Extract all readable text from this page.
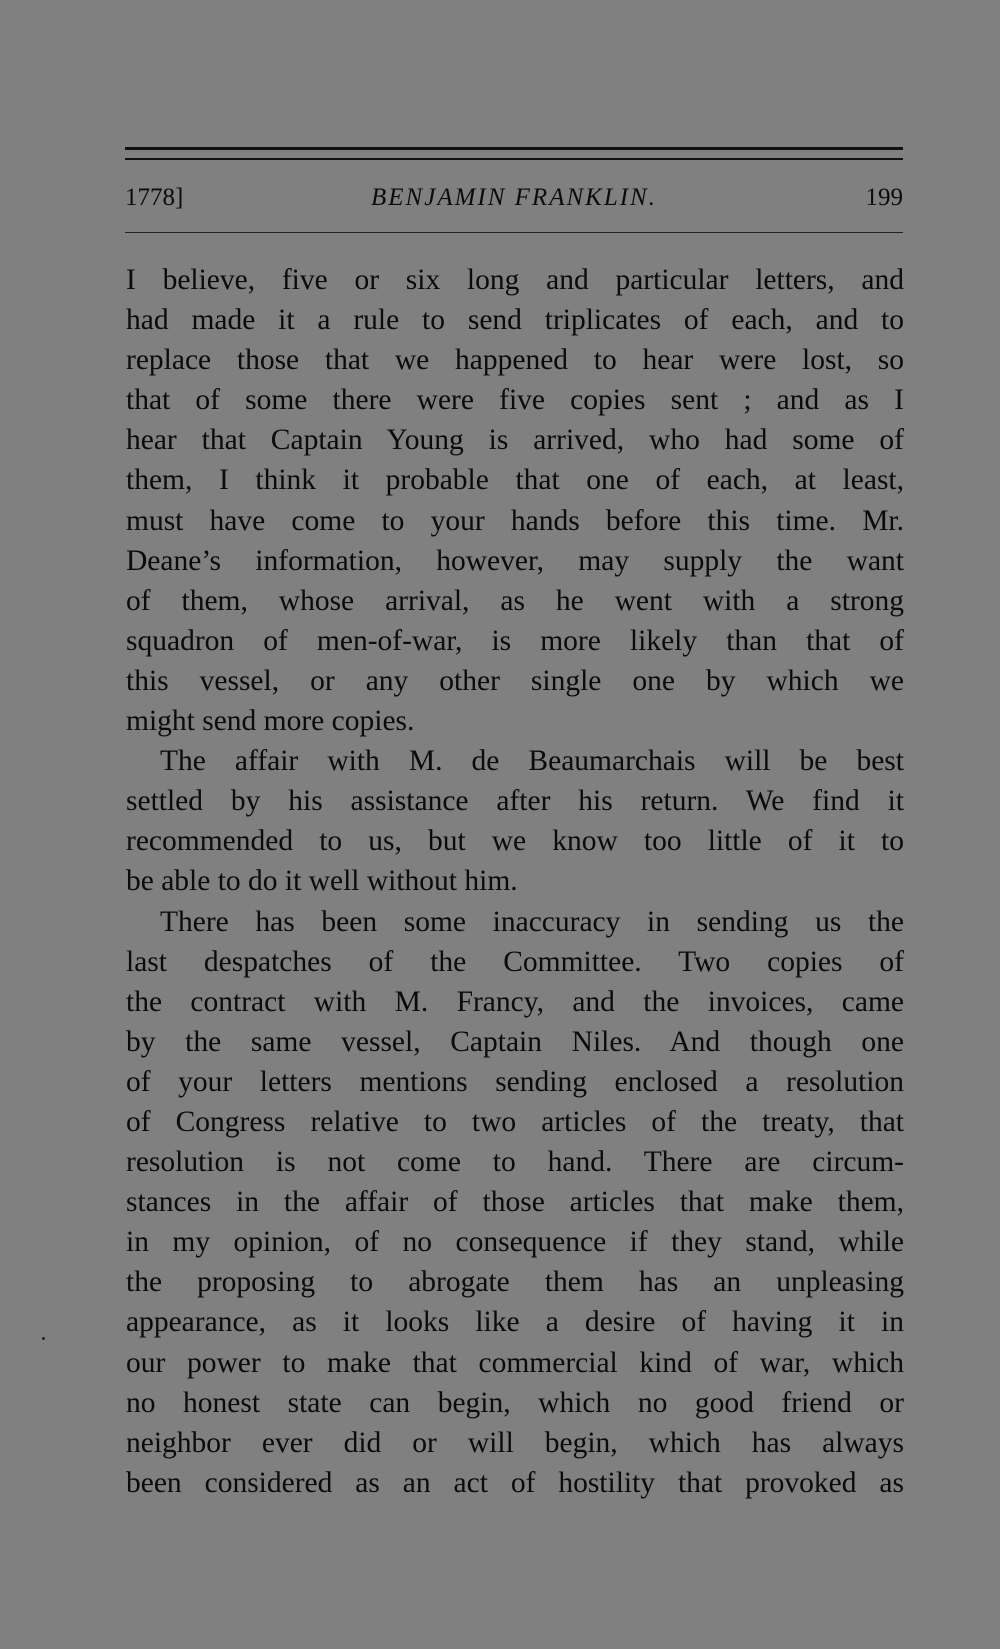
1778]	BENJAMIN FRANKLIN.	199
I believe, five or six long and particular letters, and
had made it a rule to send triplicates of each, and to
replace those that we happened to hear were lost, so
that of some there were five copies sent ; and as I
hear that Captain Young is arrived, who had some of
them, I think it probable that one of each, at least,
must have come to your hands before this time. Mr.
Deane’s information, however, may supply the want
of them, whose arrival, as he went with a strong
squadron of men-of-war, is more likely than that of
this vessel, or any other single one by which we
might send more copies.
The affair with M. de Beaumarchais will be best
settled by his assistance after his return. We find it
recommended to us, but we know too little of it to
be able to do it well without him.
There has been some inaccuracy in sending us the
last despatches of the Committee. Two copies of
the contract with M. Francy, and the invoices, came
by the same vessel, Captain Niles. And though one
of your letters mentions sending enclosed a resolution
of Congress relative to two articles of the treaty, that
resolution is not come to hand. There are circum-
stances in the affair of those articles that make them,
in my opinion, of no consequence if they stand, while
the proposing to abrogate them has an unpleasing
appearance, as it looks like a desire of having it in
our power to make that commercial kind of war, which
no honest state can begin, which no good friend or
neighbor ever did or will begin, which has always
been considered as an act of hostility that provoked as
